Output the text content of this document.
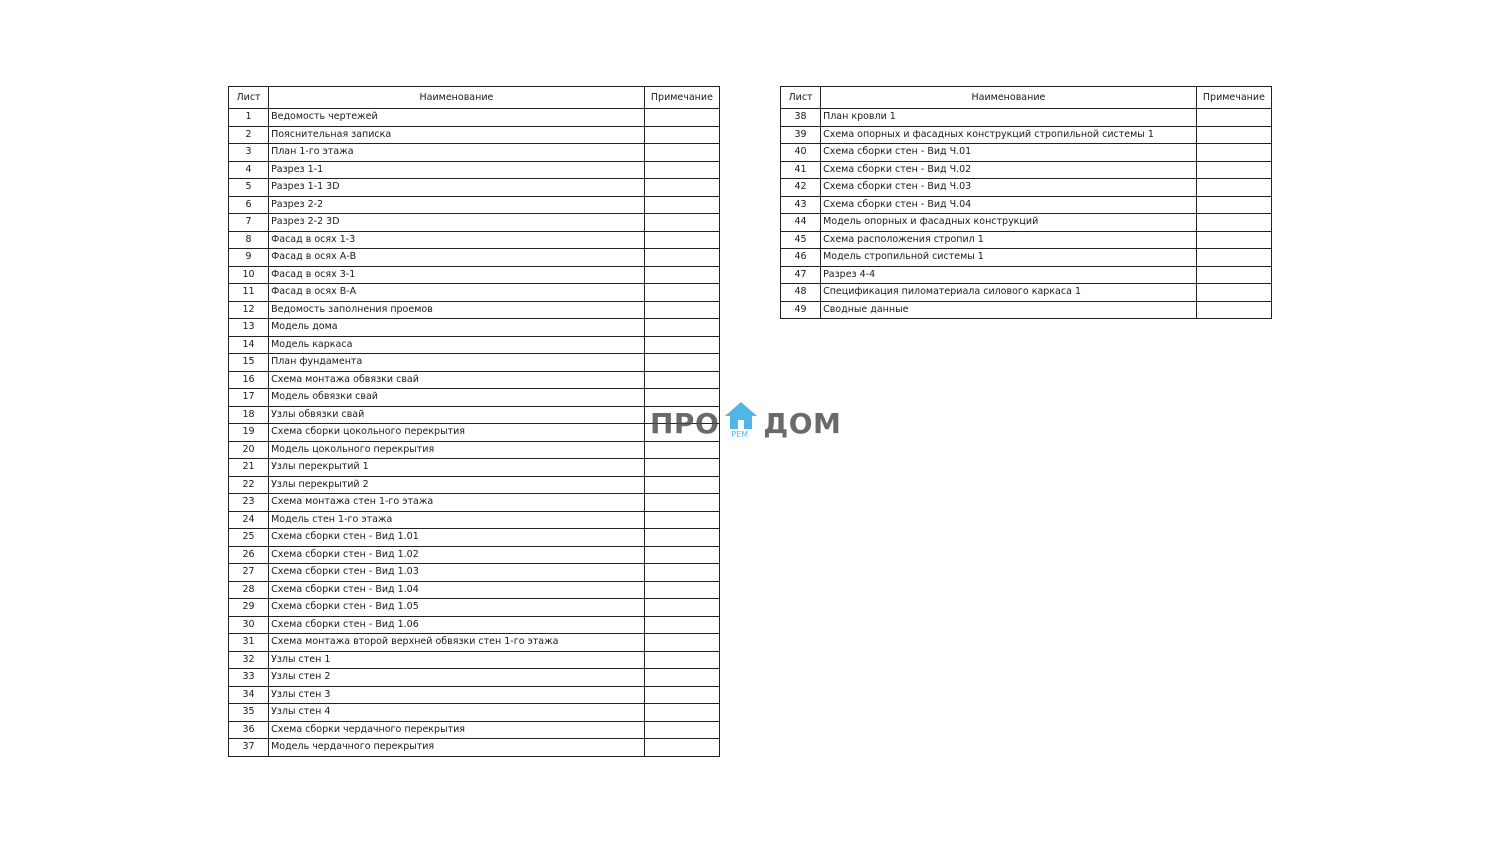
Лист	Наименование	Примечание
1	Ведомость чертежей	
2	Пояснительная записка	
3	План 1-го этажа	
4	Разрез 1-1	
5	Разрез 1-1 3D	
6	Разрез 2-2	
7	Разрез 2-2 3D	
8	Фасад в осях 1-3	
9	Фасад в осях А-В	
10	Фасад в осях 3-1	
11	Фасад в осях В-А	
12	Ведомость заполнения проемов	
13	Модель дома	
14	Модель каркаса	
15	План фундамента	
16	Схема монтажа обвязки свай	
17	Модель обвязки свай	
18	Узлы обвязки свай	
19	Схема сборки цокольного перекрытия	
20	Модель цокольного перекрытия	
21	Узлы перекрытий 1	
22	Узлы перекрытий 2	
23	Схема монтажа стен 1-го этажа	
24	Модель стен 1-го этажа	
25	Схема сборки стен - Вид 1.01	
26	Схема сборки стен - Вид 1.02	
27	Схема сборки стен - Вид 1.03	
28	Схема сборки стен - Вид 1.04	
29	Схема сборки стен - Вид 1.05	
30	Схема сборки стен - Вид 1.06	
31	Схема монтажа второй верхней обвязки стен 1-го этажа	
32	Узлы стен 1	
33	Узлы стен 2	
34	Узлы стен 3	
35	Узлы стен 4	
36	Схема сборки чердачного перекрытия	
37	Модель чердачного перекрытия	
Лист	Наименование	Примечание
38	План кровли 1	
39	Схема опорных и фасадных конструкций стропильной системы 1	
40	Схема сборки стен - Вид Ч.01	
41	Схема сборки стен - Вид Ч.02	
42	Схема сборки стен - Вид Ч.03	
43	Схема сборки стен - Вид Ч.04	
44	Модель опорных и фасадных конструкций	
45	Схема расположения стропил 1	
46	Модель стропильной системы 1	
47	Разрез 4-4	
48	Спецификация пиломатериала силового каркаса 1	
49	Сводные данные	
ПРО РЕМ ДОМ
